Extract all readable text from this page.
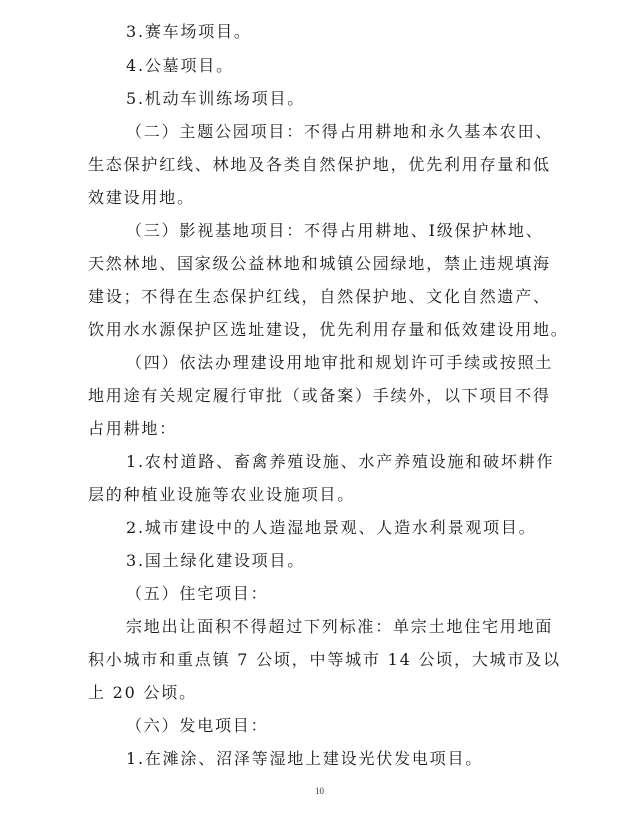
3.赛车场项目。
4.公墓项目。
5.机动车训练场项目。
（二）主题公园项目：不得占用耕地和永久基本农田、
生态保护红线、林地及各类自然保护地，优先利用存量和低
效建设用地。
（三）影视基地项目：不得占用耕地、I级保护林地、
天然林地、国家级公益林地和城镇公园绿地，禁止违规填海
建设；不得在生态保护红线，自然保护地、文化自然遗产、
饮用水水源保护区选址建设，优先利用存量和低效建设用地。
（四）依法办理建设用地审批和规划许可手续或按照土
地用途有关规定履行审批（或备案）手续外，以下项目不得
占用耕地：
1.农村道路、畜禽养殖设施、水产养殖设施和破坏耕作
层的种植业设施等农业设施项目。
2.城市建设中的人造湿地景观、人造水利景观项目。
3.国土绿化建设项目。
（五）住宅项目：
宗地出让面积不得超过下列标准：单宗土地住宅用地面
积小城市和重点镇 7 公顷，中等城市 14 公顷，大城市及以
上 20 公顷。
（六）发电项目：
1.在滩涂、沼泽等湿地上建设光伏发电项目。
10
